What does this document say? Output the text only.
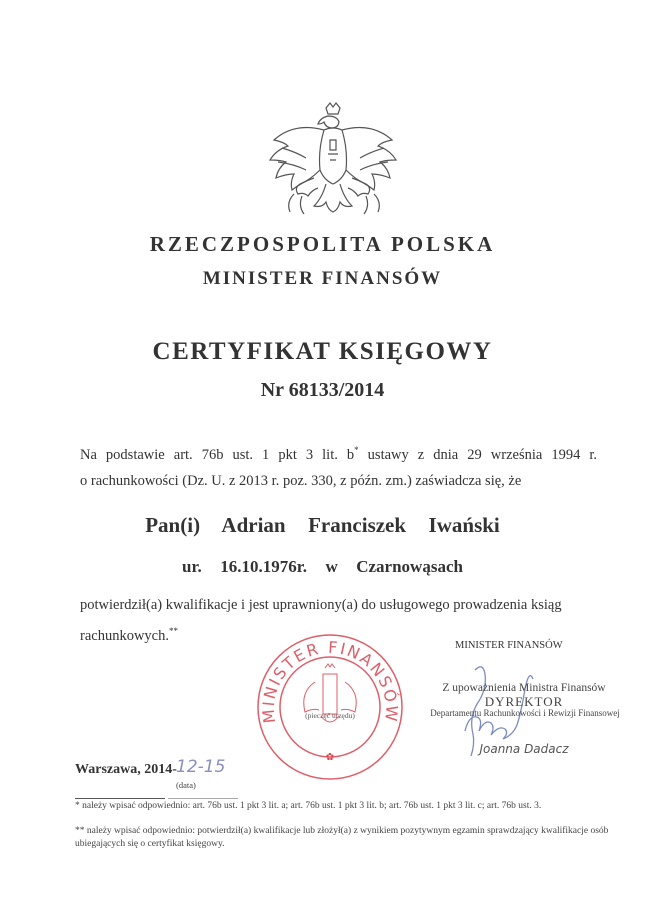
RZECZPOSPOLITA POLSKA
MINISTER FINANSÓW
CERTYFIKAT KSIĘGOWY
Nr 68133/2014
Na podstawie art. 76b ust. 1 pkt 3 lit. b* ustawy z dnia 29 września 1994 r.
o rachunkowości (Dz. U. z 2013 r. poz. 330, z późn. zm.) zaświadcza się, że
Pan(i)  Adrian  Franciszek  Iwański
ur.  16.10.1976r.  w  Czarnowąsach
potwierdził(a) kwalifikacje i jest uprawniony(a) do usługowego prowadzenia ksiąg rachunkowych.**
MINISTER FINANSÓW
(pieczęć urzędu)
✿
MINISTER FINANSÓW
Z upoważnienia Ministra Finansów
DYREKTOR
Departamentu Rachunkowości i Rewizji Finansowej
Joanna Dadacz
Warszawa, 2014- 12-15
(data)
* należy wpisać odpowiednio: art. 76b ust. 1 pkt 3 lit. a; art. 76b ust. 1 pkt 3 lit. b; art. 76b ust. 1 pkt 3 lit. c; art. 76b ust. 3.
** należy wpisać odpowiednio: potwierdził(a) kwalifikacje lub złożył(a) z wynikiem pozytywnym egzamin sprawdzający kwalifikacje osób ubiegających się o certyfikat księgowy.
